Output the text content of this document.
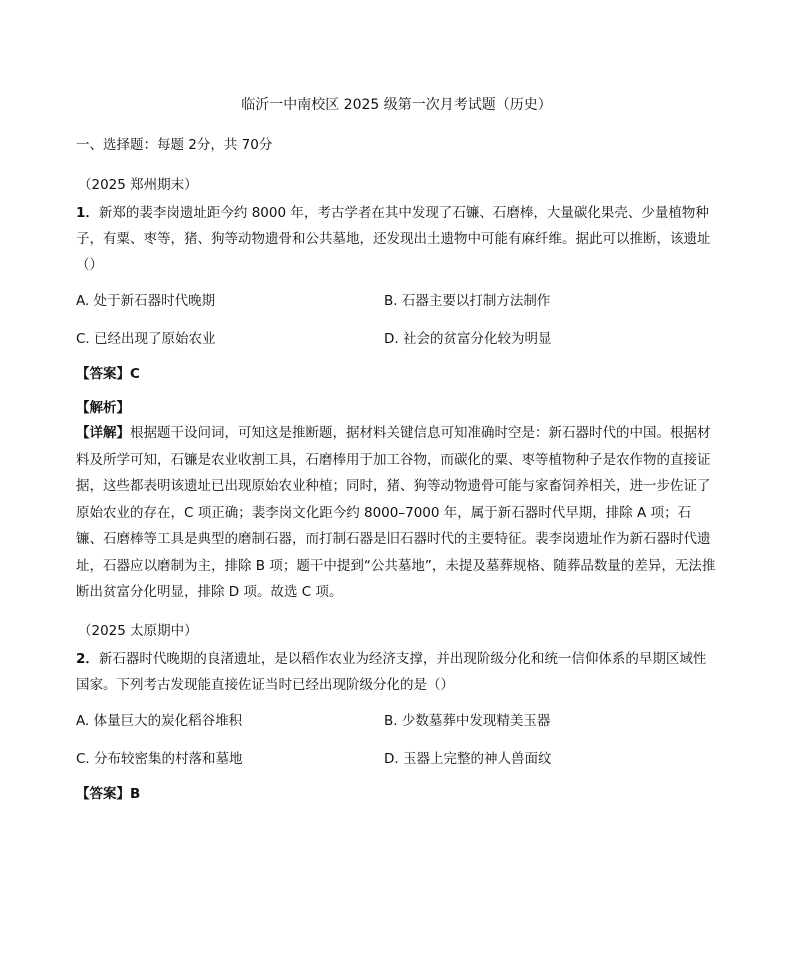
临沂一中南校区 2025 级第一次月考试题（历史）
一、选择题：每题 2分，共 70分
（2025 郑州期末）
1．新郑的裴李岗遗址距今约 8000 年，考古学者在其中发现了石镰、石磨棒，大量碳化果壳、少量植物种子，有粟、枣等，猪、狗等动物遗骨和公共墓地，还发现出土遗物中可能有麻纤维。据此可以推断，该遗址（）
A. 处于新石器时代晚期	B. 石器主要以打制方法制作
C. 已经出现了原始农业	D. 社会的贫富分化较为明显
【答案】C
【解析】
【详解】根据题干设问词，可知这是推断题，据材料关键信息可知准确时空是：新石器时代的中国。根据材料及所学可知，石镰是农业收割工具，石磨棒用于加工谷物，而碳化的粟、枣等植物种子是农作物的直接证据，这些都表明该遗址已出现原始农业种植；同时，猪、狗等动物遗骨可能与家畜饲养相关，进一步佐证了原始农业的存在，C 项正确；裴李岗文化距今约 8000–7000 年，属于新石器时代早期，排除 A 项；石镰、石磨棒等工具是典型的磨制石器，而打制石器是旧石器时代的主要特征。裴李岗遗址作为新石器时代遗址，石器应以磨制为主，排除 B 项；题干中提到“公共墓地”，未提及墓葬规格、随葬品数量的差异，无法推断出贫富分化明显，排除 D 项。故选 C 项。
（2025 太原期中）
2．新石器时代晚期的良渚遗址，是以稻作农业为经济支撑，并出现阶级分化和统一信仰体系的早期区域性国家。下列考古发现能直接佐证当时已经出现阶级分化的是（）
A. 体量巨大的炭化稻谷堆积	B. 少数墓葬中发现精美玉器
C. 分布较密集的村落和墓地	D. 玉器上完整的神人兽面纹
【答案】B
